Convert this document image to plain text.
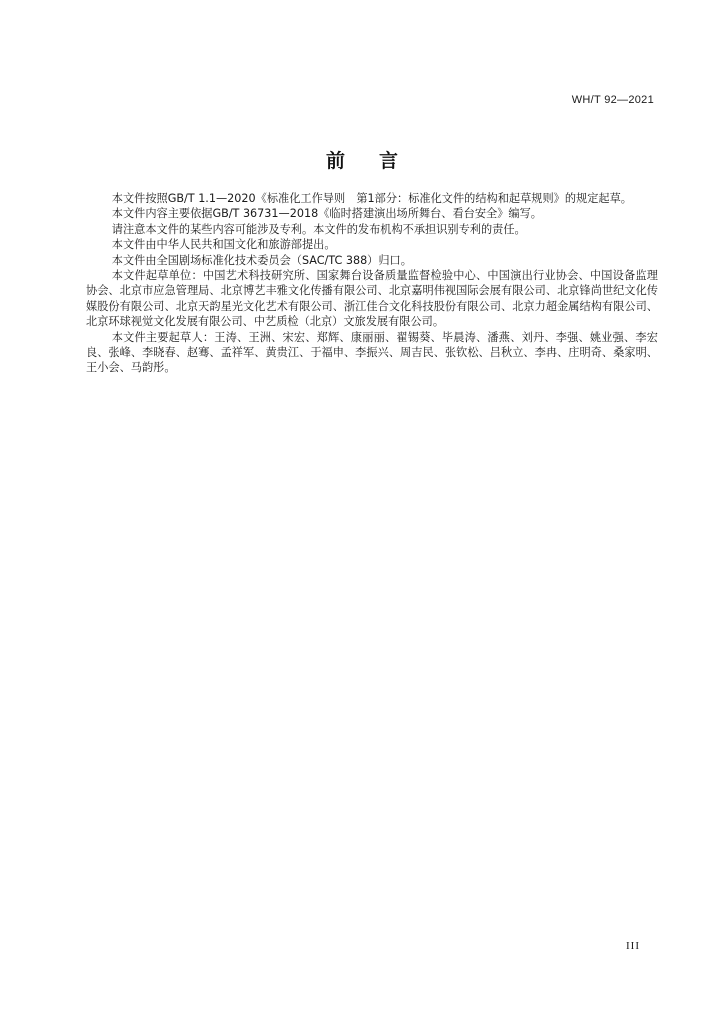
WH/T 92—2021
前言

本文件按照GB/T 1.1—2020《标准化工作导则　第1部分：标准化文件的结构和起草规则》的规定起草。

本文件内容主要依据GB/T 36731—2018《临时搭建演出场所舞台、看台安全》编写。

请注意本文件的某些内容可能涉及专利。本文件的发布机构不承担识别专利的责任。

本文件由中华人民共和国文化和旅游部提出。

本文件由全国剧场标准化技术委员会（SAC/TC 388）归口。

本文件起草单位：中国艺术科技研究所、国家舞台设备质量监督检验中心、中国演出行业协会、中国设备监理协会、北京市应急管理局、北京博艺丰雅文化传播有限公司、北京嘉明伟视国际会展有限公司、北京锋尚世纪文化传媒股份有限公司、北京天韵星光文化艺术有限公司、浙江佳合文化科技股份有限公司、北京力超金属结构有限公司、北京环球视觉文化发展有限公司、中艺质检（北京）文旅发展有限公司。

本文件主要起草人：王涛、王洲、宋宏、郑辉、康丽丽、翟锡葵、毕晨涛、潘燕、刘丹、李强、姚业强、李宏良、张峰、李晓春、赵骞、孟祥军、黄贵江、于福申、李振兴、周吉民、张钦松、吕秋立、李冉、庄明奇、桑家明、王小会、马韵彤。

III
